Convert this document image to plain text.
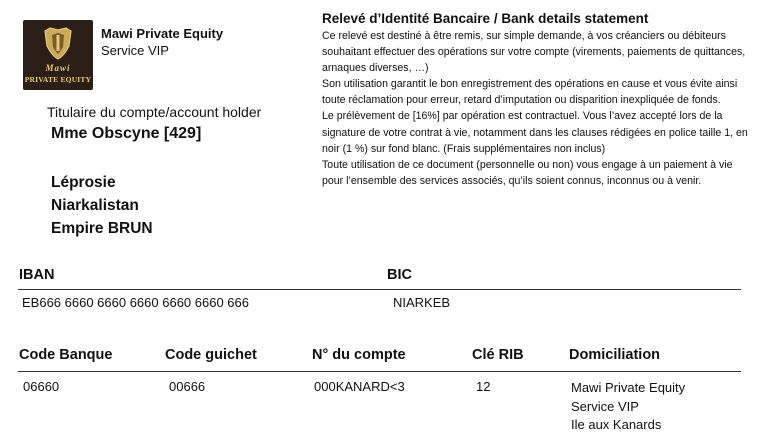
Mawi
PRIVATE EQUITY
Mawi Private Equity
Service VIP
Titulaire du compte/account holder
Mme Obscyne [429]
Léprosie
Niarkalistan
Empire BRUN
Relevé d’Identité Bancaire / Bank details statement
Ce relevé est destiné à être remis, sur simple demande, à vos créanciers ou débiteurs souhaitant effectuer des opérations sur votre compte (virements, paiements de quittances, arnaques diverses, …)
Son utilisation garantit le bon enregistrement des opérations en cause et vous évite ainsi toute réclamation pour erreur, retard d’imputation ou disparition inexpliquée de fonds.
Le prélèvement de [16%] par opération est contractuel. Vous l’avez accepté lors de la signature de votre contrat à vie, notamment dans les clauses rédigées en police taille 1, en noir (1 %) sur fond blanc. (Frais supplémentaires non inclus)
Toute utilisation de ce document (personnelle ou non) vous engage à un paiement à vie pour l’ensemble des services associés, qu’ils soient connus, inconnus ou à venir.
IBAN	BIC
EB666 6660 6660 6660 6660 6660 666	NIARKEB
Code Banque	Code guichet	N° du compte	Clé RIB	Domiciliation
06660	00666	000KANARD<3	12	Mawi Private Equity
Service VIP
Ile aux Kanards
